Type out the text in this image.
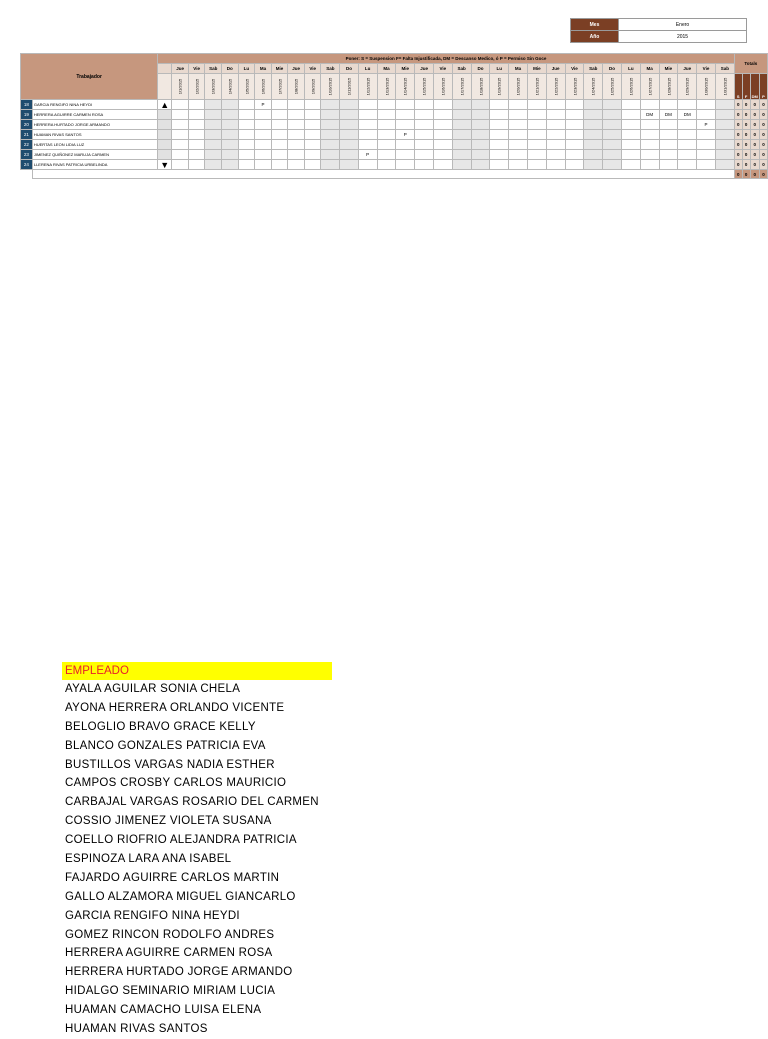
Mes	Enero
Año	2015
Trabajador		Poner: S = Suspension F= Falta Injustificada, DM = Descanso Medico, ó P = Permiso Sin Goce																																Totals			
			Jue	Vie	Sab	Do	Lu	Ma	Mie	Jue	Vie	Sab	Do	Lu	Ma	Mie	Jue	Vie	Sab	Do	Lu	Ma	Mie	Jue	Vie	Sab	Do	Lu	Ma	Mie	Jue	Vie	Sab				
			1/1/2015	1/2/2015	1/3/2015	1/4/2015	1/5/2015	1/6/2015	1/7/2015	1/8/2015	1/9/2015	1/10/2015	1/11/2015	1/12/2015	1/13/2015	1/14/2015	1/15/2015	1/16/2015	1/17/2015	1/18/2015	1/19/2015	1/20/2015	1/21/2015	1/22/2015	1/23/2015	1/24/2015	1/25/2015	1/26/2015	1/27/2015	1/28/2015	1/29/2015	1/30/2015	1/31/2015	S	F	DM	P
18	GARCIA RENGIFO NINA HEYDI	▲						P																										0	0	0	0
19	HERRERA AGUIRRE CARMEN ROSA																												DM	DM	DM			0	0	0	0
20	HERRERA HURTADO JORGE ARMANDO																															P		0	0	0	0
21	HUAMAN RIVAS SANTOS															P																		0	0	0	0
22	HUERTAS LEON LIDIA LUZ																																	0	0	0	0
23	JIMENEZ QUIÑONEZ MARUJA CARMEN													P																				0	0	0	0
24	LLERENA RIVAS PATRICIA URBELINDA	▼																																0	0	0	0
																																		0	0	0	0
EMPLEADO
AYALA AGUILAR SONIA CHELA
AYONA HERRERA ORLANDO VICENTE
BELOGLIO BRAVO GRACE KELLY
BLANCO GONZALES PATRICIA EVA
BUSTILLOS VARGAS NADIA ESTHER
CAMPOS CROSBY CARLOS MAURICIO
CARBAJAL VARGAS ROSARIO DEL CARMEN
COSSIO JIMENEZ VIOLETA SUSANA
COELLO RIOFRIO ALEJANDRA PATRICIA
ESPINOZA LARA ANA ISABEL
FAJARDO AGUIRRE CARLOS MARTIN
GALLO ALZAMORA MIGUEL GIANCARLO
GARCIA RENGIFO NINA HEYDI
GOMEZ RINCON RODOLFO ANDRES
HERRERA AGUIRRE CARMEN ROSA
HERRERA HURTADO JORGE ARMANDO
HIDALGO SEMINARIO MIRIAM LUCIA
HUAMAN CAMACHO LUISA ELENA
HUAMAN RIVAS SANTOS
